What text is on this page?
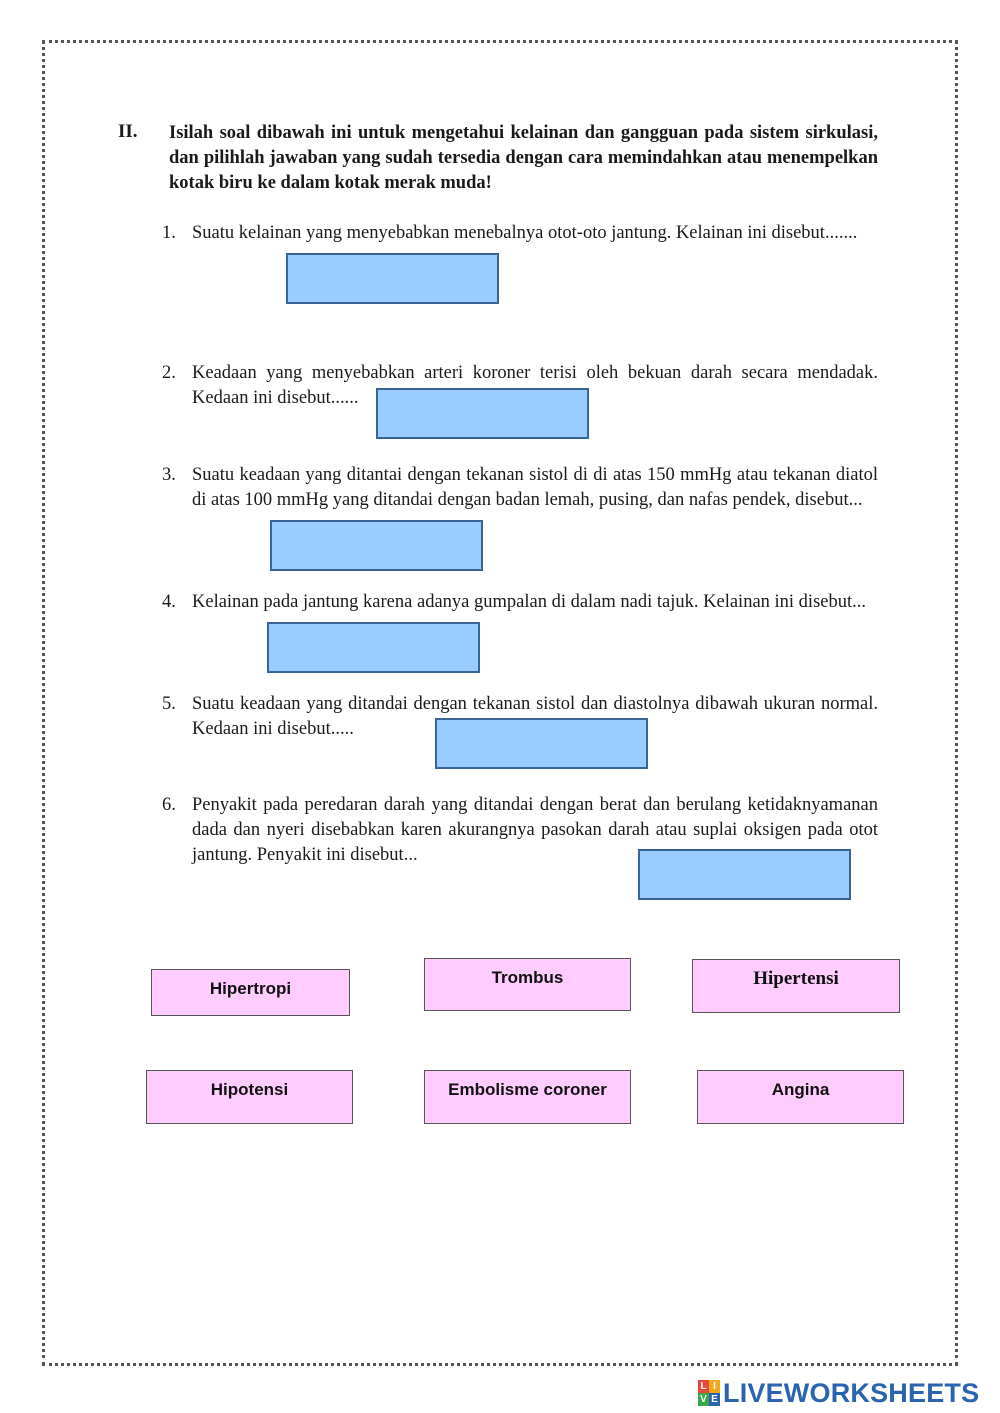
II. Isilah soal dibawah ini untuk mengetahui kelainan dan gangguan pada sistem sirkulasi, dan pilihlah jawaban yang sudah tersedia dengan cara memindahkan atau menempelkan kotak biru ke dalam kotak merak muda!
1. Suatu kelainan yang menyebabkan menebalnya otot-oto jantung. Kelainan ini disebut.......
2. Keadaan yang menyebabkan arteri koroner terisi oleh bekuan darah secara mendadak. Kedaan ini disebut......
3. Suatu keadaan yang ditantai dengan tekanan sistol di di atas 150 mmHg atau tekanan diatol di atas 100 mmHg yang ditandai dengan badan lemah, pusing, dan nafas pendek, disebut...
4. Kelainan pada jantung karena adanya gumpalan di dalam nadi tajuk. Kelainan ini disebut...
5. Suatu keadaan yang ditandai dengan tekanan sistol dan diastolnya dibawah ukuran normal. Kedaan ini disebut.....
6. Penyakit pada peredaran darah yang ditandai dengan berat dan berulang ketidaknyamanan dada dan nyeri disebabkan karen akurangnya pasokan darah atau suplai oksigen pada otot jantung. Penyakit ini disebut...
Hipertropi
Trombus	Hipertensi
Hipotensi	Embolisme coroner	Angina
L I
V E LIVEWORKSHEETS
